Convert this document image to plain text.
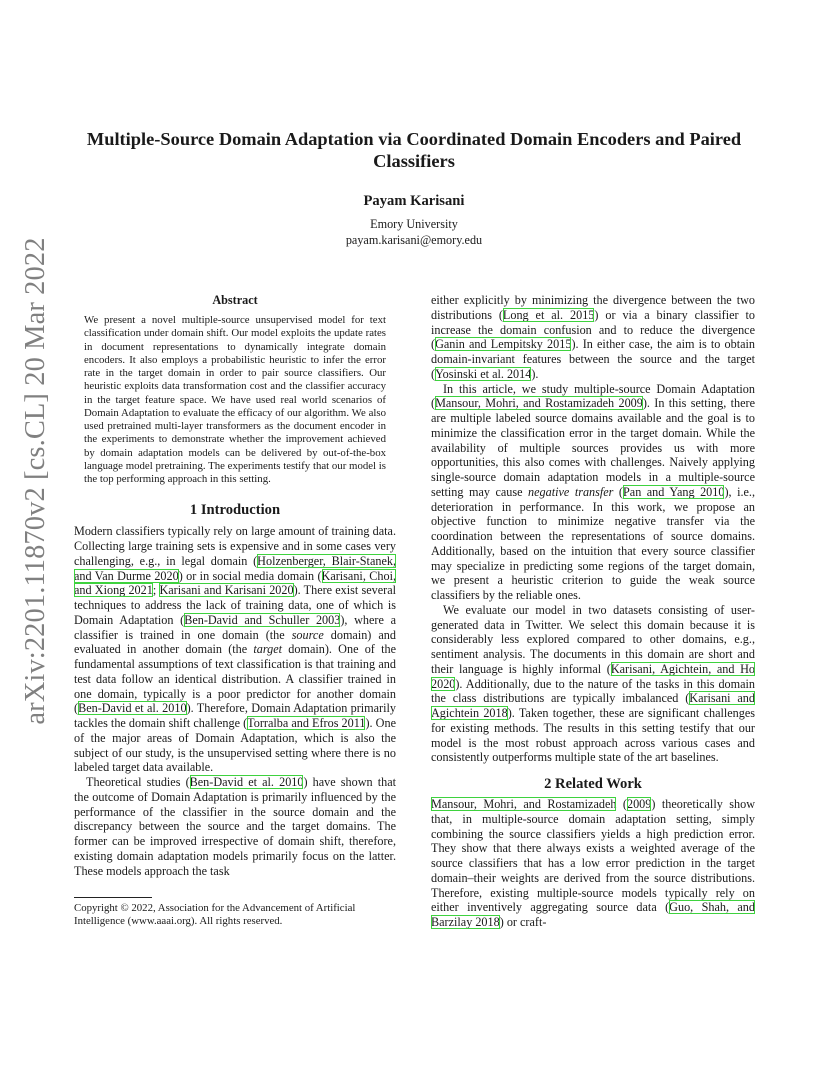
arXiv:2201.11870v2 [cs.CL] 20 Mar 2022
Multiple-Source Domain Adaptation via Coordinated Domain Encoders and Paired Classifiers
Payam Karisani
Emory University
payam.karisani@emory.edu
Abstract

We present a novel multiple-source unsupervised model for text classification under domain shift. Our model exploits the update rates in document representations to dynamically integrate domain encoders. It also employs a probabilistic heuristic to infer the error rate in the target domain in order to pair source classifiers. Our heuristic exploits data transformation cost and the classifier accuracy in the target feature space. We have used real world scenarios of Domain Adaptation to evaluate the efficacy of our algorithm. We also used pretrained multi-layer transformers as the document encoder in the experiments to demonstrate whether the improvement achieved by domain adaptation models can be delivered by out-of-the-box language model pretraining. The experiments testify that our model is the top performing approach in this setting.

1 Introduction

Modern classifiers typically rely on large amount of training data. Collecting large training sets is expensive and in some cases very challenging, e.g., in legal domain (Holzenberger, Blair-Stanek, and Van Durme 2020) or in social media domain (Karisani, Choi, and Xiong 2021; Karisani and Karisani 2020). There exist several techniques to address the lack of training data, one of which is Domain Adaptation (Ben-David and Schuller 2003), where a classifier is trained in one domain (the source domain) and evaluated in another domain (the target domain). One of the fundamental assumptions of text classification is that training and test data follow an identical distribution. A classifier trained in one domain, typically is a poor predictor for another domain (Ben-David et al. 2010). Therefore, Domain Adaptation primarily tackles the domain shift challenge (Torralba and Efros 2011). One of the major areas of Domain Adaptation, which is also the subject of our study, is the unsupervised setting where there is no labeled target data available.

Theoretical studies (Ben-David et al. 2010) have shown that the outcome of Domain Adaptation is primarily influenced by the performance of the classifier in the source domain and the discrepancy between the source and the target domains. The former can be improved irrespective of domain shift, therefore, existing domain adaptation models primarily focus on the latter. These models approach the task

Copyright © 2022, Association for the Advancement of Artificial Intelligence (www.aaai.org). All rights reserved.

either explicitly by minimizing the divergence between the two distributions (Long et al. 2015) or via a binary classifier to increase the domain confusion and to reduce the divergence (Ganin and Lempitsky 2015). In either case, the aim is to obtain domain-invariant features between the source and the target (Yosinski et al. 2014).

In this article, we study multiple-source Domain Adaptation (Mansour, Mohri, and Rostamizadeh 2009). In this setting, there are multiple labeled source domains available and the goal is to minimize the classification error in the target domain. While the availability of multiple sources provides us with more opportunities, this also comes with challenges. Naively applying single-source domain adaptation models in a multiple-source setting may cause negative transfer (Pan and Yang 2010), i.e., deterioration in performance. In this work, we propose an objective function to minimize negative transfer via the coordination between the representations of source domains. Additionally, based on the intuition that every source classifier may specialize in predicting some regions of the target domain, we present a heuristic criterion to guide the weak source classifiers by the reliable ones.

We evaluate our model in two datasets consisting of user-generated data in Twitter. We select this domain because it is considerably less explored compared to other domains, e.g., sentiment analysis. The documents in this domain are short and their language is highly informal (Karisani, Agichtein, and Ho 2020). Additionally, due to the nature of the tasks in this domain the class distributions are typically imbalanced (Karisani and Agichtein 2018). Taken together, these are significant challenges for existing methods. The results in this setting testify that our model is the most robust approach across various cases and consistently outperforms multiple state of the art baselines.

2 Related Work

Mansour, Mohri, and Rostamizadeh (2009) theoretically show that, in multiple-source domain adaptation setting, simply combining the source classifiers yields a high prediction error. They show that there always exists a weighted average of the source classifiers that has a low error prediction in the target domain–their weights are derived from the source distributions. Therefore, existing multiple-source models typically rely on either inventively aggregating source data (Guo, Shah, and Barzilay 2018) or craft-
